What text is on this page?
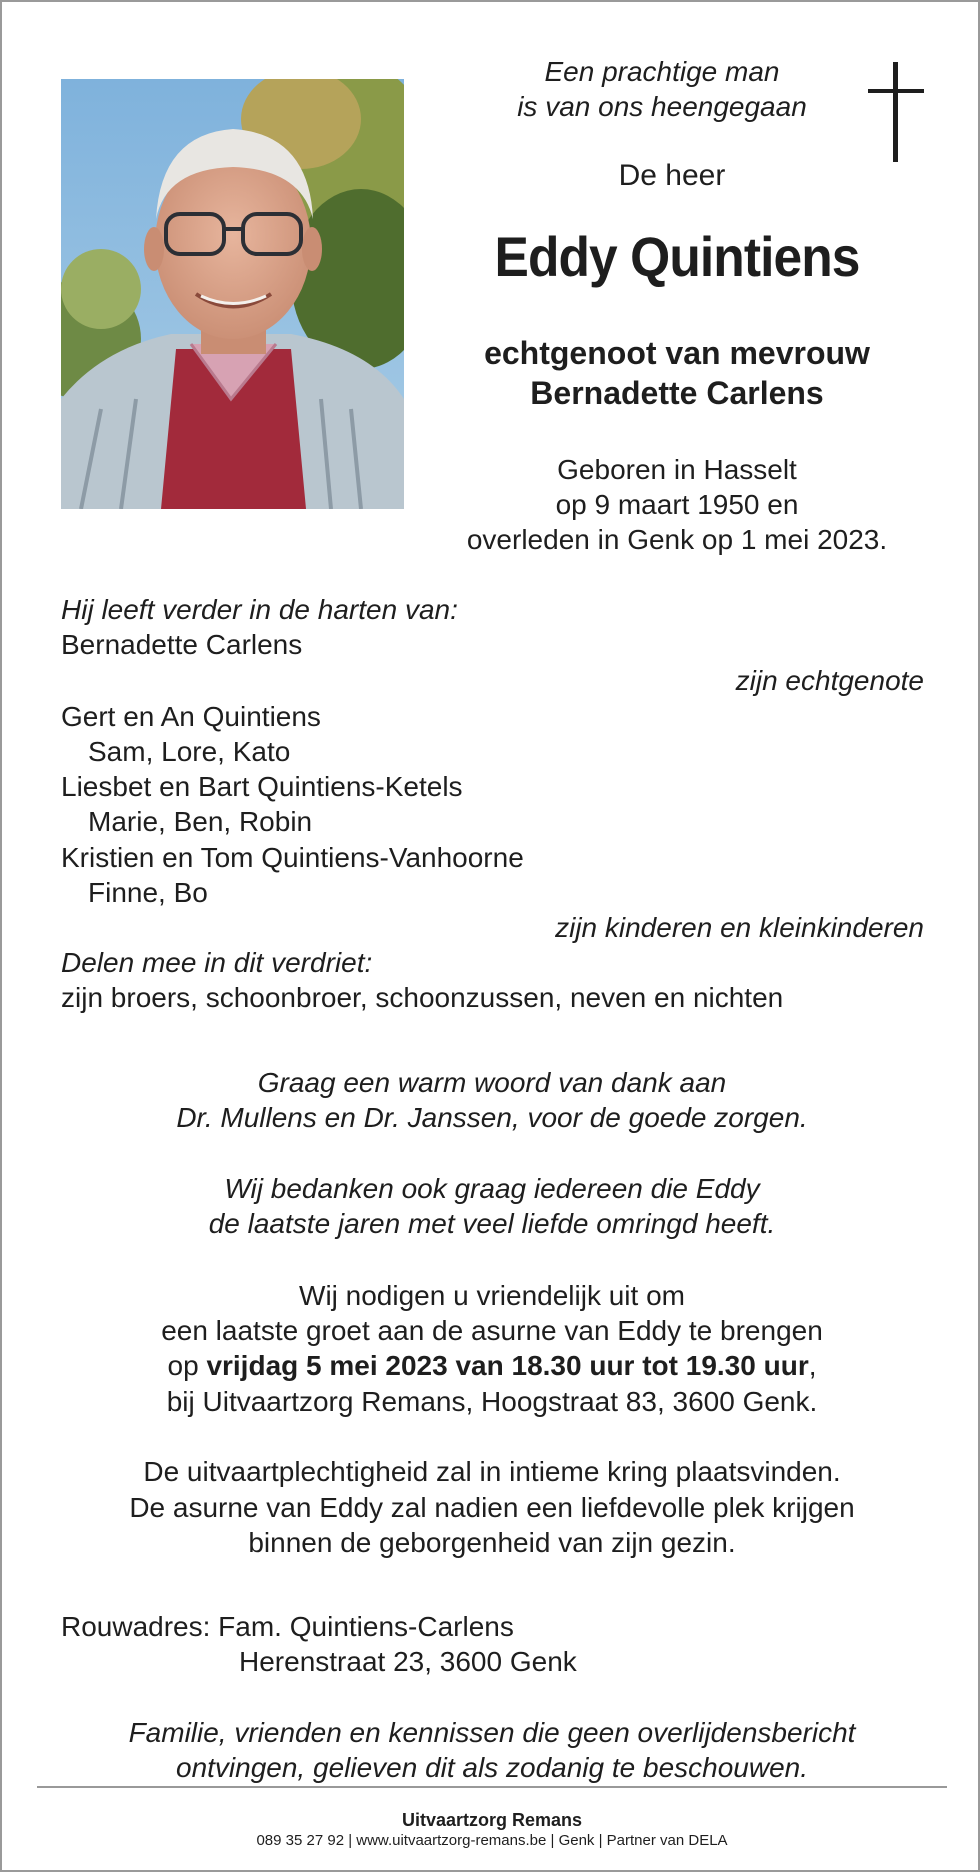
Een prachtige man
is van ons heengegaan
De heer
Eddy Quintiens
echtgenoot van mevrouw
Bernadette Carlens
Geboren in Hasselt
op 9 maart 1950 en
overleden in Genk op 1 mei 2023.
Hij leeft verder in de harten van:
Bernadette Carlens
zijn echtgenote
Gert en An Quintiens
Sam, Lore, Kato
Liesbet en Bart Quintiens-Ketels
Marie, Ben, Robin
Kristien en Tom Quintiens-Vanhoorne
Finne, Bo
zijn kinderen en kleinkinderen
Delen mee in dit verdriet:
zijn broers, schoonbroer, schoonzussen, neven en nichten
Graag een warm woord van dank aan
Dr. Mullens en Dr. Janssen, voor de goede zorgen.
Wij bedanken ook graag iedereen die Eddy
de laatste jaren met veel liefde omringd heeft.
Wij nodigen u vriendelijk uit om
een laatste groet aan de asurne van Eddy te brengen
op vrijdag 5 mei 2023 van 18.30 uur tot 19.30 uur,
bij Uitvaartzorg Remans, Hoogstraat 83, 3600 Genk.
De uitvaartplechtigheid zal in intieme kring plaatsvinden.
De asurne van Eddy zal nadien een liefdevolle plek krijgen
binnen de geborgenheid van zijn gezin.
Rouwadres: Fam. Quintiens-Carlens
Herenstraat 23, 3600 Genk
Familie, vrienden en kennissen die geen overlijdensbericht
ontvingen, gelieven dit als zodanig te beschouwen.
Uitvaartzorg Remans
089 35 27 92 | www.uitvaartzorg-remans.be | Genk | Partner van DELA
